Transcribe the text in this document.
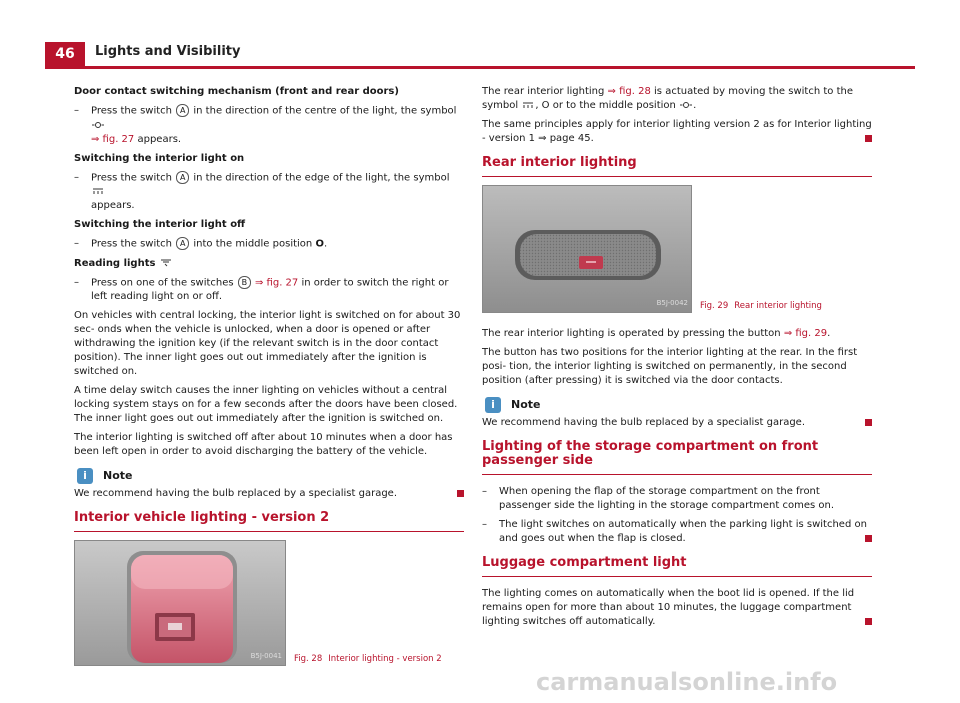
46	Lights and Visibility

Door contact switching mechanism (front and rear doors)

–	Press the switch A in the direction of the centre of the light, the symbol
⇒ fig. 27 appears.

Switching the interior light on

–	Press the switch A in the direction of the edge of the light, the symbol
appears.

Switching the interior light off

–	Press the switch A into the middle position O.

Reading lights

–	Press on one of the switches B ⇒ fig. 27 in order to switch the right or left reading light on or off.

On vehicles with central locking, the interior light is switched on for about 30 sec- onds when the vehicle is unlocked, when a door is opened or after withdrawing the ignition key (if the relevant switch is in the door contact position). The inner light goes out out immediately after the ignition is switched on.

A time delay switch causes the inner lighting on vehicles without a central locking system stays on for a few seconds after the doors have been closed. The inner light goes out out immediately after the ignition is switched on.

The interior lighting is switched off after about 10 minutes when a door has been left open in order to avoid discharging the battery of the vehicle.

i	Note

We recommend having the bulb replaced by a specialist garage.

Interior vehicle lighting - version 2
B5J-0041 Fig. 28 Interior lighting - version 2

The rear interior lighting ⇒ fig. 28 is actuated by moving the switch to the symbol , O or to the middle position .

The same principles apply for interior lighting version 2 as for Interior lighting - version 1 ⇒ page 45.

Rear interior lighting
B5J-0042 Fig. 29 Rear interior lighting

The rear interior lighting is operated by pressing the button ⇒ fig. 29.

The button has two positions for the interior lighting at the rear. In the first posi- tion, the interior lighting is switched on permanently, in the second position (after pressing) it is switched via the door contacts.

i	Note

We recommend having the bulb replaced by a specialist garage.

Lighting of the storage compartment on front passenger side
–	When opening the flap of the storage compartment on the front passenger side the lighting in the storage compartment comes on.
–	The light switches on automatically when the parking light is switched on and goes out when the flap is closed.
Luggage compartment light

The lighting comes on automatically when the boot lid is opened. If the lid remains open for more than about 10 minutes, the luggage compartment lighting switches off automatically.

carmanualsonline.info
